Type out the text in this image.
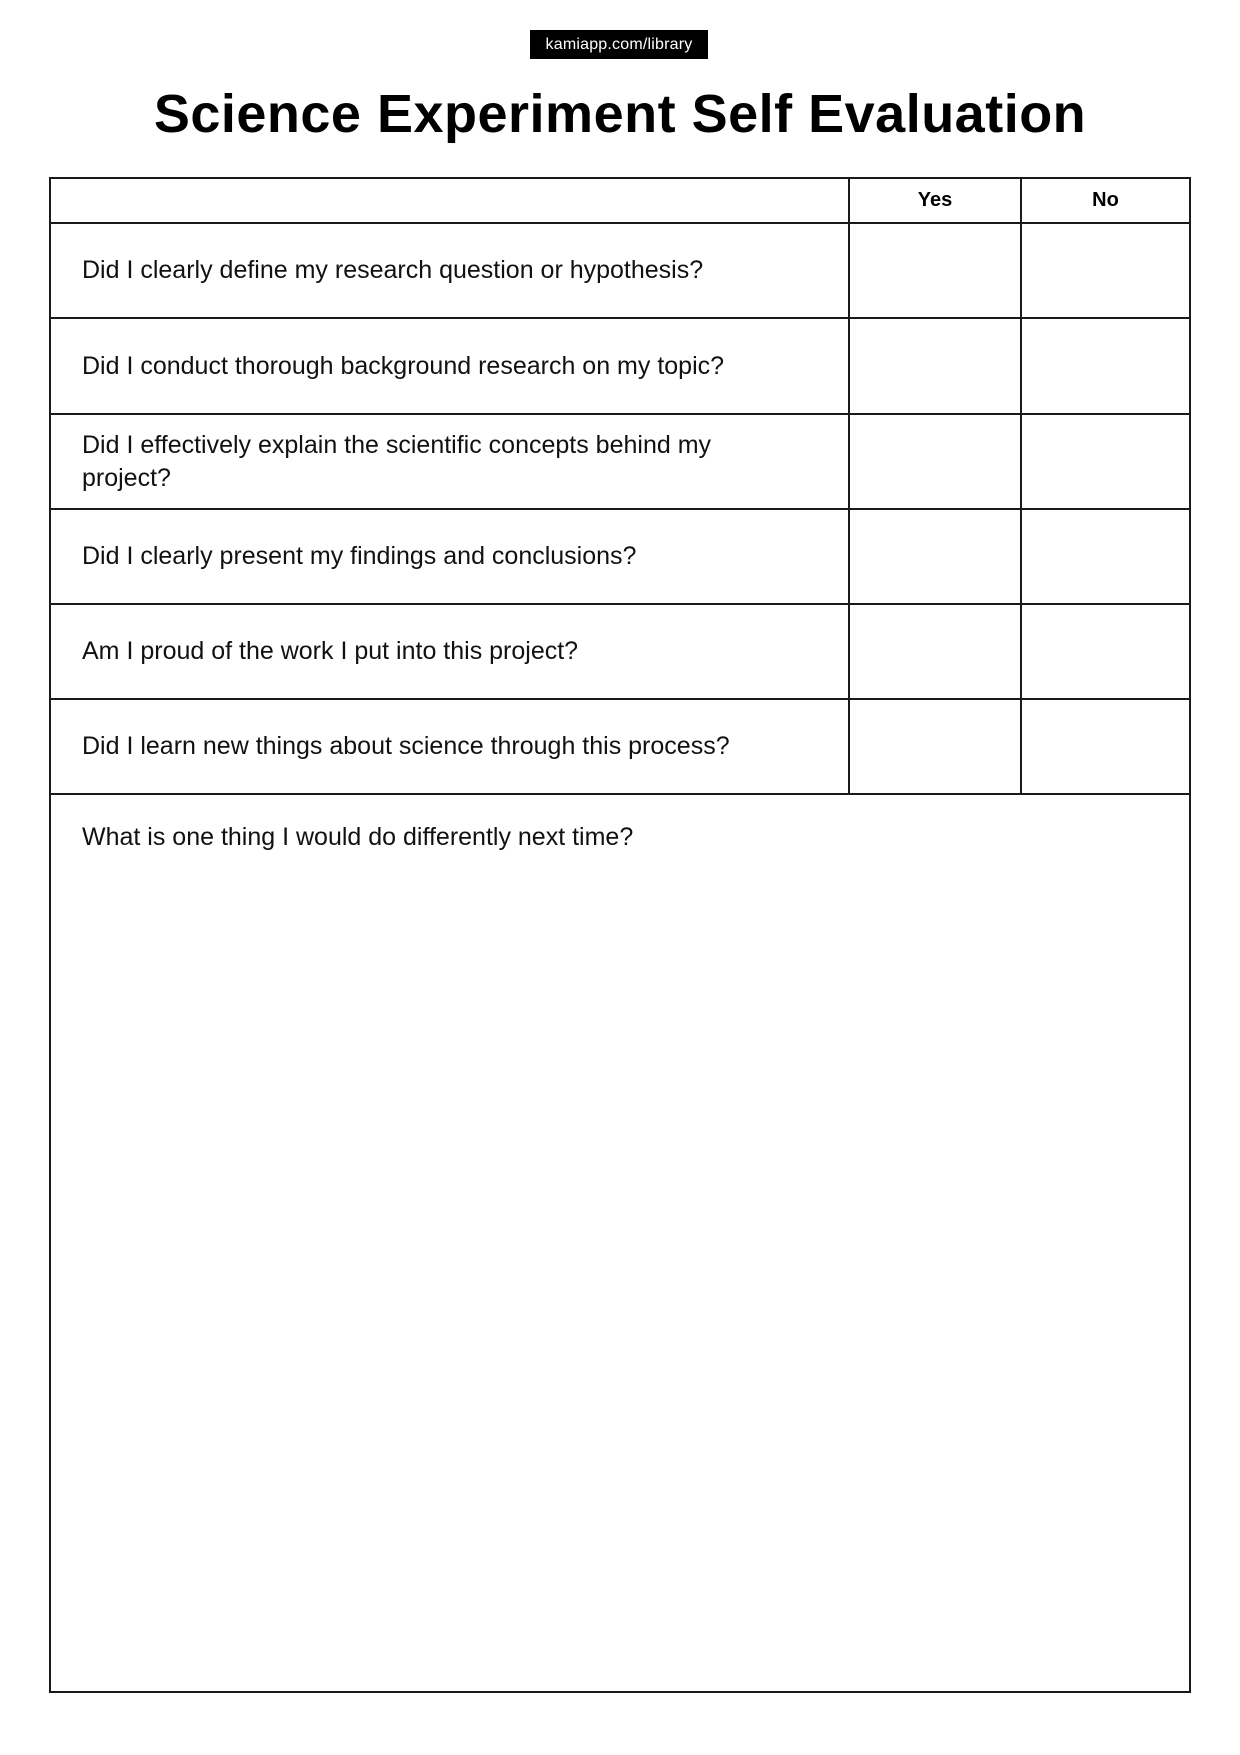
kamiapp.com/library
Science Experiment Self Evaluation
Yes	No
Did I clearly define my research question or hypothesis?
Did I conduct thorough background research on my topic?
Did I effectively explain the scientific concepts behind my project?
Did I clearly present my findings and conclusions?
Am I proud of the work I put into this project?
Did I learn new things about science through this process?
What is one thing I would do differently next time?
